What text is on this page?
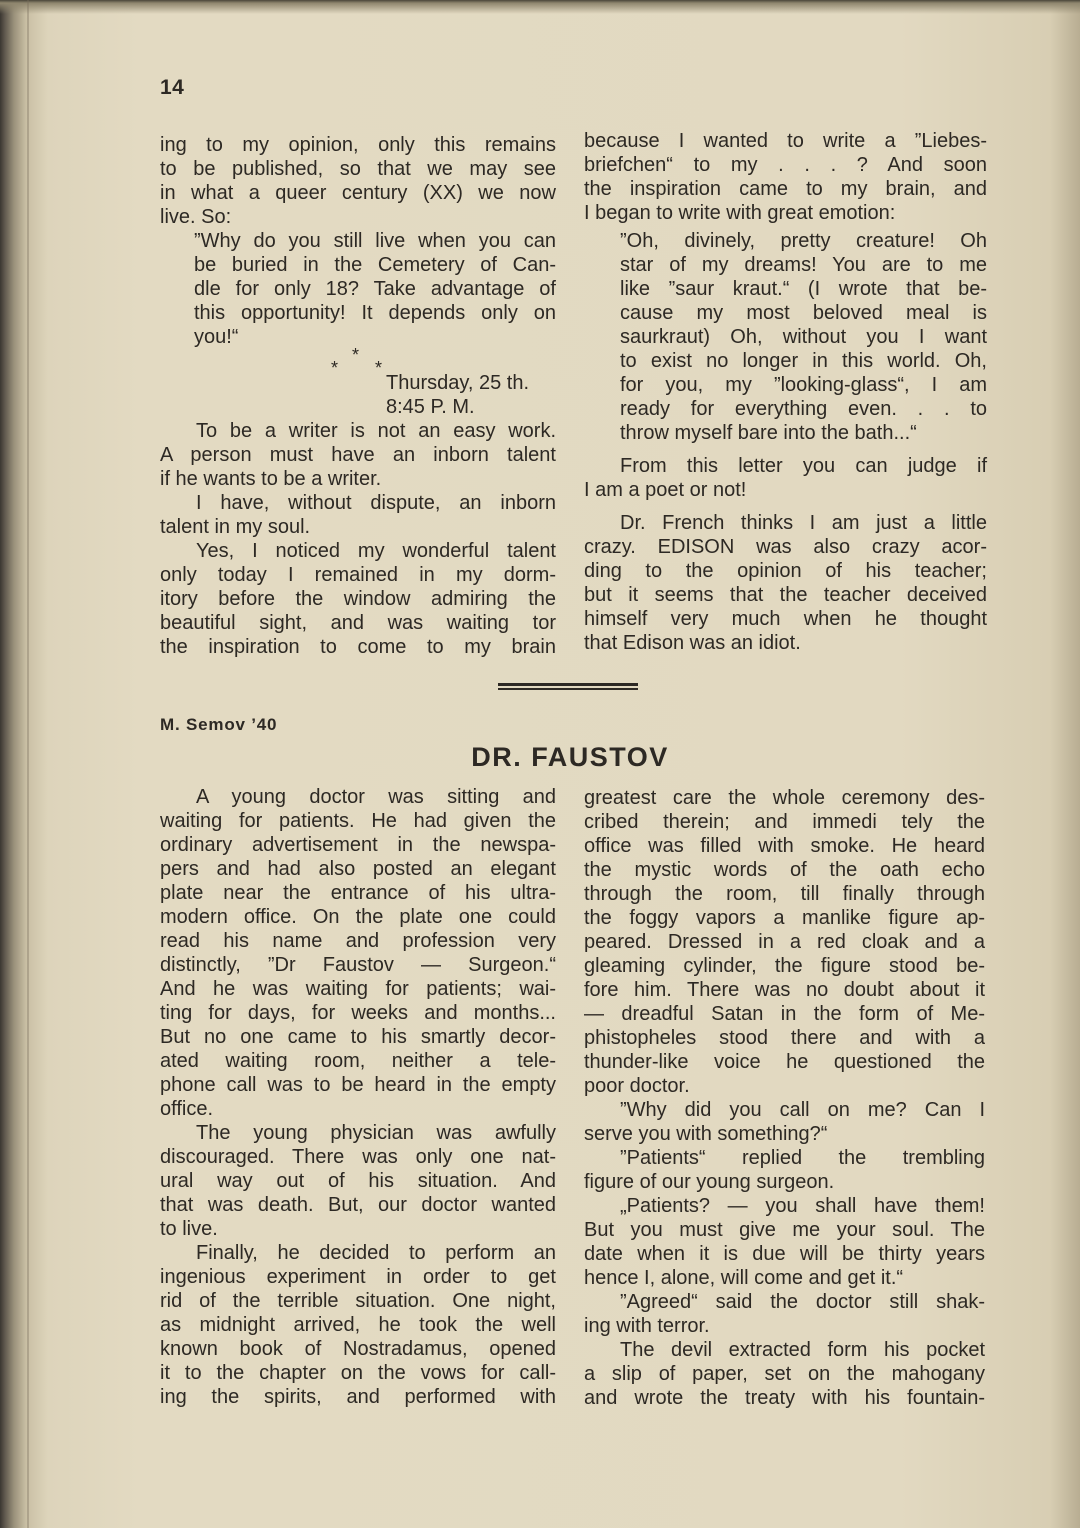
14
ing to my opinion, only this remains
to be published, so that we may see
in what a queer century (XX) we now
live. So:
”Why do you still live when you can
be buried in the Cemetery of Can-
dle for only 18? Take advantage of
this opportunity! It depends only on
you!“
*
* *
Thursday, 25 th.
8:45 P. M.
To be a writer is not an easy work.
A person must have an inborn talent
if he wants to be a writer.
I have, without dispute, an inborn
talent in my soul.
Yes, I noticed my wonderful talent
only today I remained in my dorm-
itory before the window admiring the
beautiful sight, and was waiting tor
the inspiration to come to my brain
because I wanted to write a ”Liebes-
briefchen“ to my . . . ? And soon
the inspiration came to my brain, and
I began to write with great emotion:
”Oh, divinely, pretty creature! Oh
star of my dreams! You are to me
like ”saur kraut.“ (I wrote that be-
cause my most beloved meal is
saurkraut) Oh, without you I want
to exist no longer in this world. Oh,
for you, my ”looking-glass“, I am
ready for everything even. . . to
throw myself bare into the bath...“
From this letter you can judge if
I am a poet or not!
Dr. French thinks I am just a little
crazy. EDISON was also crazy acor-
ding to the opinion of his teacher;
but it seems that the teacher deceived
himself very much when he thought
that Edison was an idiot.
M. Semov ’40
DR. FAUSTOV
A young doctor was sitting and
waiting for patients. He had given the
ordinary advertisement in the newspa-
pers and had also posted an elegant
plate near the entrance of his ultra-
modern office. On the plate one could
read his name and profession very
distinctly, ”Dr Faustov — Surgeon.“
And he was waiting for patients; wai-
ting for days, for weeks and months...
But no one came to his smartly decor-
ated waiting room, neither a tele-
phone call was to be heard in the empty
office.
The young physician was awfully
discouraged. There was only one nat-
ural way out of his situation. And
that was death. But, our doctor wanted
to live.
Finally, he decided to perform an
ingenious experiment in order to get
rid of the terrible situation. One night,
as midnight arrived, he took the well
known book of Nostradamus, opened
it to the chapter on the vows for call-
ing the spirits, and performed with
greatest care the whole ceremony des-
cribed therein; and immedi tely the
office was filled with smoke. He heard
the mystic words of the oath echo
through the room, till finally through
the foggy vapors a manlike figure ap-
peared. Dressed in a red cloak and a
gleaming cylinder, the figure stood be-
fore him. There was no doubt about it
— dreadful Satan in the form of Me-
phistopheles stood there and with a
thunder-like voice he questioned the
poor doctor.
”Why did you call on me? Can I
serve you with something?“
”Patients“ replied the trembling
figure of our young surgeon.
„Patients? — you shall have them!
But you must give me your soul. The
date when it is due will be thirty years
hence I, alone, will come and get it.“
”Agreed“ said the doctor still shak-
ing with terror.
The devil extracted form his pocket
a slip of paper, set on the mahogany
and wrote the treaty with his fountain-
